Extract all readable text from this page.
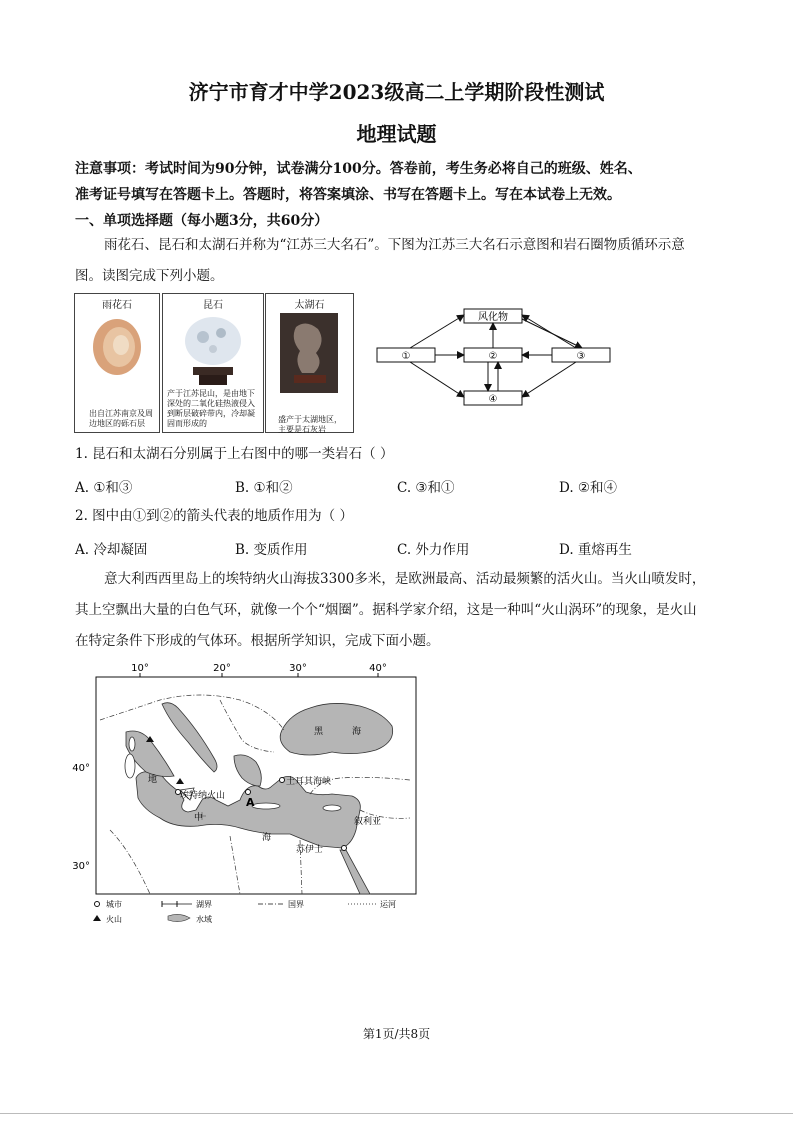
济宁市育才中学2023级高二上学期阶段性测试
地理试题
注意事项：考试时间为90分钟，试卷满分100分。答卷前，考生务必将自己的班级、姓名、
准考证号填写在答题卡上。答题时，将答案填涂、书写在答题卡上。写在本试卷上无效。
一、单项选择题（每小题3分，共60分）
雨花石、昆石和太湖石并称为“江苏三大名石”。下图为江苏三大名石示意图和岩石圈物质循环示意
图。读图完成下列小题。
雨花石
出自江苏南京及周边地区的砾石层
昆石
产于江苏昆山，是由地下深处的二氧化硅热液侵入到断层破碎带内，冷却凝固而形成的
太湖石
盛产于太湖地区，主要是石灰岩
风化物
①	②	③
④
1. 昆石和太湖石分别属于上右图中的哪一类岩石（ ）
A. ①和③	B. ①和②	C. ③和①	D. ②和④
2. 图中由①到②的箭头代表的地质作用为（ ）
A. 冷却凝固	B. 变质作用	C. 外力作用	D. 重熔再生
意大利西西里岛上的埃特纳火山海拔3300多米，是欧洲最高、活动最频繁的活火山。当火山喷发时，
其上空飘出大量的白色气环，就像一个个“烟圈”。据科学家介绍，这是一种叫“火山涡环”的现象，是火山
在特定条件下形成的气体环。根据所学知识，完成下面小题。
10°	20°	30°	40°
40°
30°
黑	海
地
中
海
埃特纳火山
土耳其海峡
A
叙利亚
苏伊士
城市	湖界	国界	运河
火山	水域
第1页/共8页
